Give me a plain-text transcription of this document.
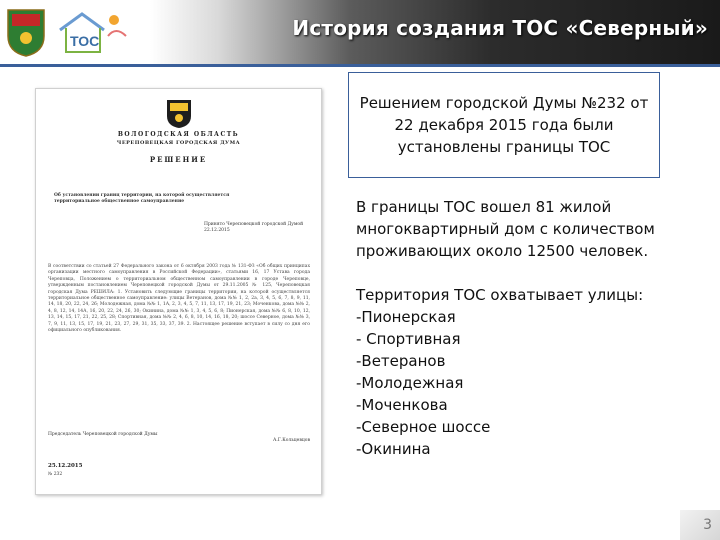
ТОС
История создания ТОС «Северный»
ВОЛОГОДСКАЯ ОБЛАСТЬ
ЧЕРЕПОВЕЦКАЯ ГОРОДСКАЯ ДУМА
РЕШЕНИЕ
Об установлении границ территории, на которой осуществляется территориальное общественное самоуправление
Принято Череповецкой городской Думой 22.12.2015
В соответствии со статьей 27 Федерального закона от 6 октября 2003 года № 131-ФЗ «Об общих принципах организации местного самоуправления в Российской Федерации», статьями 16, 17 Устава города Череповца, Положением о территориальном общественном самоуправлении в городе Череповце, утвержденным постановлением Череповецкой городской Думы от 29.11.2005 № 125, Череповецкая городская Дума РЕШИЛА: 1. Установить следующие границы территории, на которой осуществляется территориальное общественное самоуправление: улицы Ветеранов, дома №№ 1, 2, 2а, 3, 4, 5, 6, 7, 8, 9, 11, 14, 18, 20, 22, 24, 26; Молодежная, дома №№ 1, 1А, 2, 3, 4, 5, 7, 11, 13, 17, 19, 21, 23; Моченкова, дома №№ 2, 4, 8, 12, 14, 14А, 16, 20, 22, 24, 26, 30; Окинина, дома №№ 1, 3, 4, 5, 6, 8; Пионерская, дома №№ 6, 8, 10, 12, 13, 14, 15, 17, 21, 22, 25, 28; Спортивная, дома №№ 2, 4, 6, 8, 10, 14, 16, 18, 20; шоссе Северное, дома №№ 3, 7, 9, 11, 13, 15, 17, 19, 21, 23, 27, 29, 31, 35, 33, 37, 39. 2. Настоящее решение вступает в силу со дня его официального опубликования.
Председатель Череповецкой городской Думы
А.Г.Кольцевцов
25.12.2015
№ 232
Решением городской Думы №232 от 22 декабря 2015 года были установлены границы ТОС
В границы ТОС вошел 81 жилой многоквартирный дом с количеством проживающих около 12500 человек.
Территория ТОС охватывает улицы:
-Пионерская
- Спортивная
-Ветеранов
-Молодежная
-Моченкова
-Северное шоссе
-Окинина
3
